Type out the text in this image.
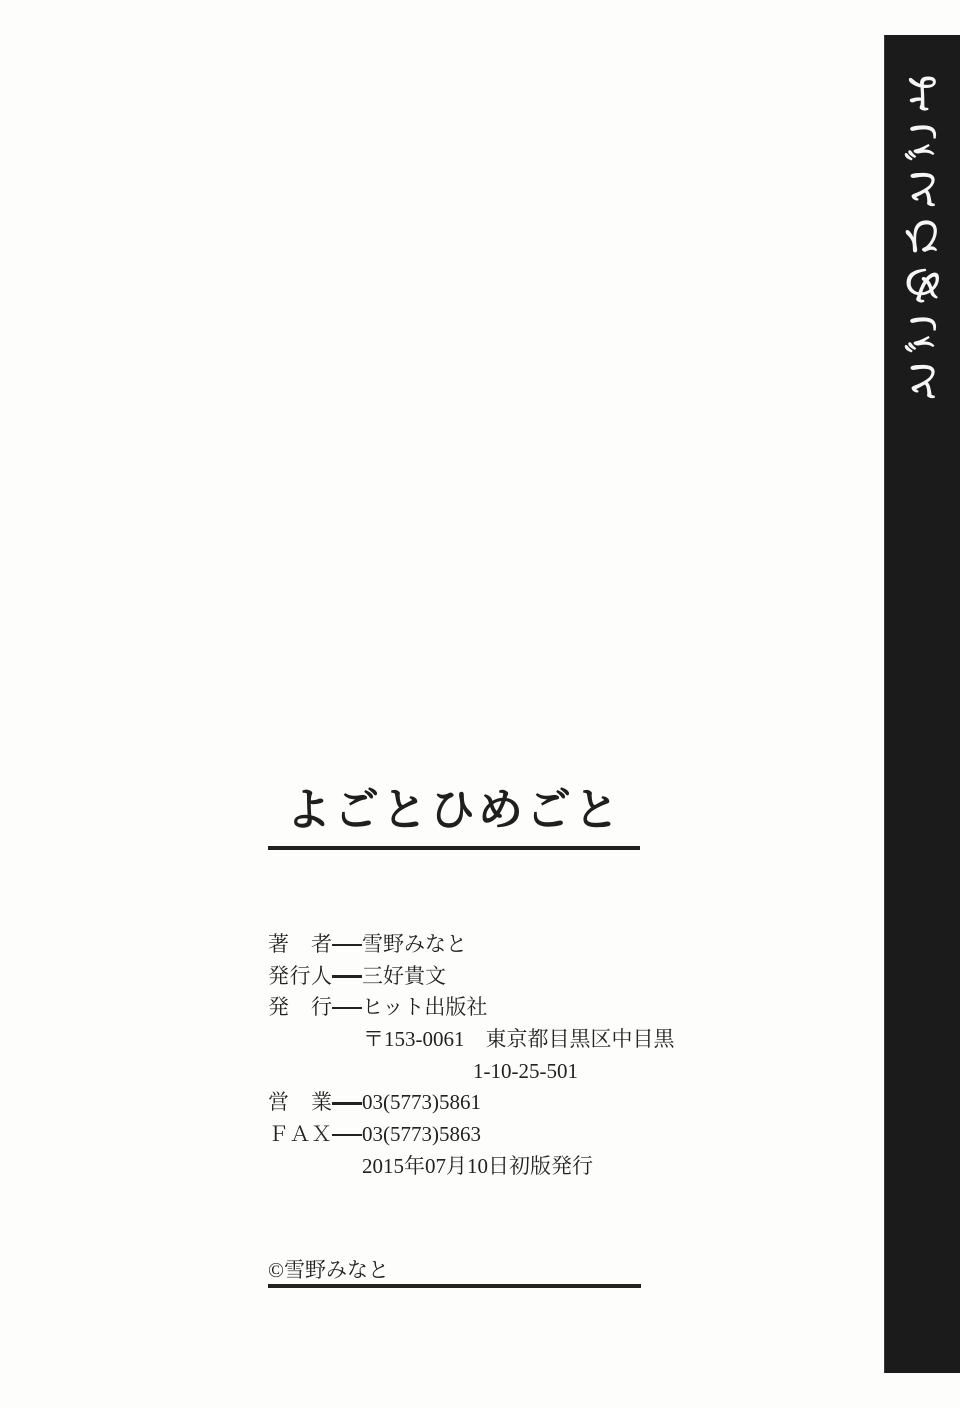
よ
ご
と
ひ
め
ご
と
よごとひめごと
著　者 雪野みなと
発行人 三好貴文
発　行 ヒット出版社
〒153-0061　東京都目黒区中目黒
1-10-25-501
営　業 03(5773)5861
ＦＡＸ 03(5773)5863
2015年07月10日初版発行
©雪野みなと
